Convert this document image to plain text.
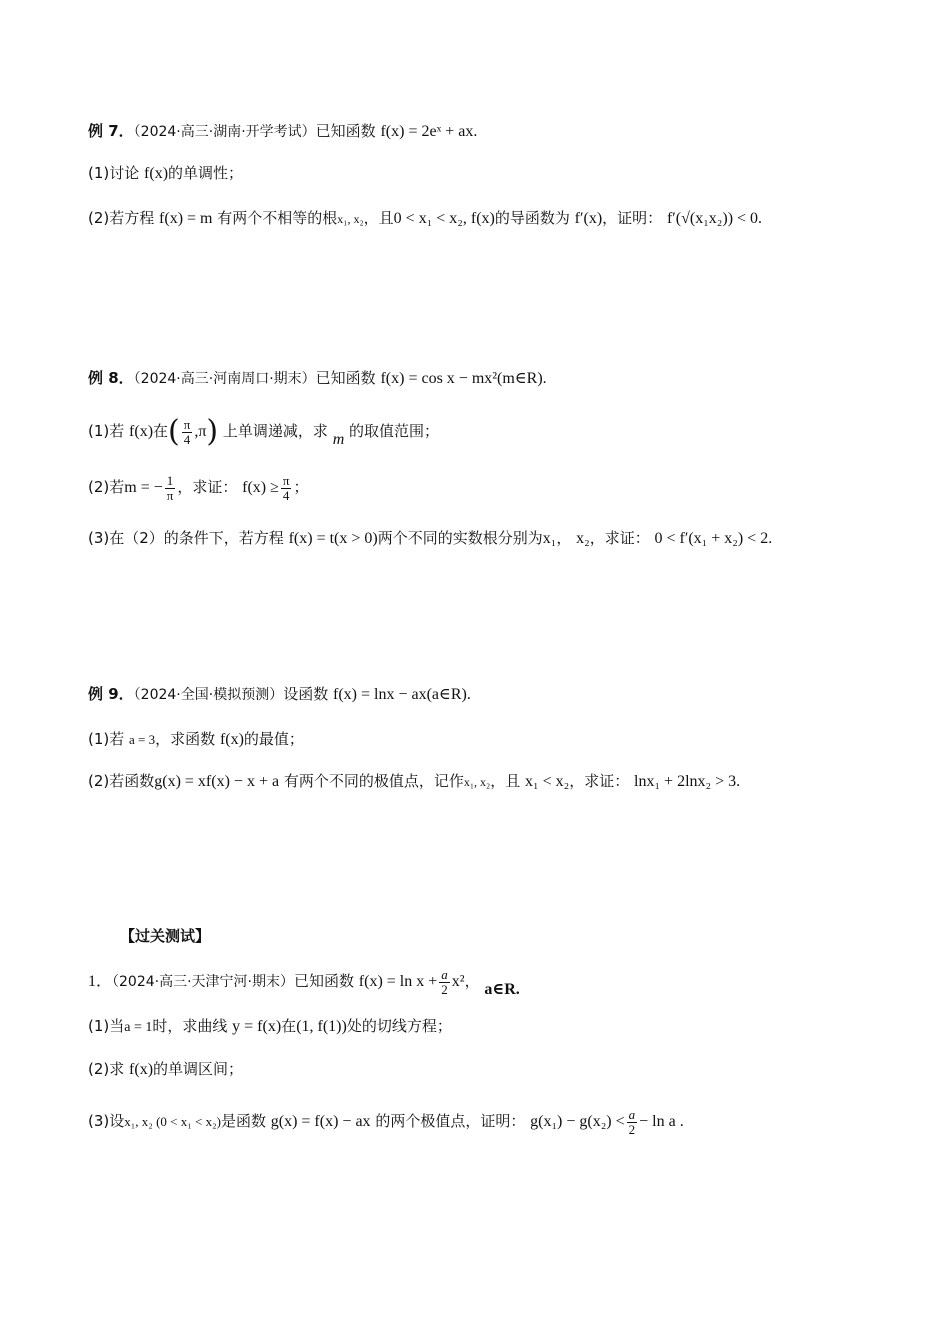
例 7．（2024·高三·湖南·开学考试）已知函数 f(x) = 2eˣ + ax.
(1)讨论 f(x)的单调性；
(2)若方程 f(x) = m 有两个不相等的根x₁, x₂，且0 < x₁ < x₂, f(x)的导函数为 f′(x)，证明： f′(√(x₁x₂)) < 0.
例 8．（2024·高三·河南周口·期末）已知函数 f(x) = cos x − mx²(m∈R).
(1)若 f(x)在( $\frac{\pi}{4} ,\pi$) 上单调递减，求 m 的取值范围；
(2)若m = − $\frac{1}{\pi}$ ，求证： $f(x) \ge \frac{\pi}{4}$ ；
(3)在（2）的条件下，若方程 f(x) = t(x > 0)两个不同的实数根分别为x₁， x₂，求证： 0 < f′(x₁ + x₂) < 2.
例 9．（2024·全国·模拟预测）设函数 f(x) = lnx − ax(a∈R).
(1)若 a = 3，求函数 f(x)的最值；
(2)若函数g(x) = xf(x) − x + a 有两个不同的极值点，记作x₁, x₂，且 x₁ < x₂，求证： lnx₁ + 2lnx₂ > 3.
【过关测试】
1．（2024·高三·天津宁河·期末）已知函数 $f(x) = \ln x + \frac{a}{2} x^2$， a∈R.
(1)当a = 1时，求曲线 y = f(x)在(1, f(1))处的切线方程；
(2)求 f(x)的单调区间；
(3)设x₁, x₂ (0 < x₁ < x₂)是函数 g(x) = f(x) − ax 的两个极值点，证明： $g(x_1) - g(x_2) < \frac{a}{2} - \ln a$ .
